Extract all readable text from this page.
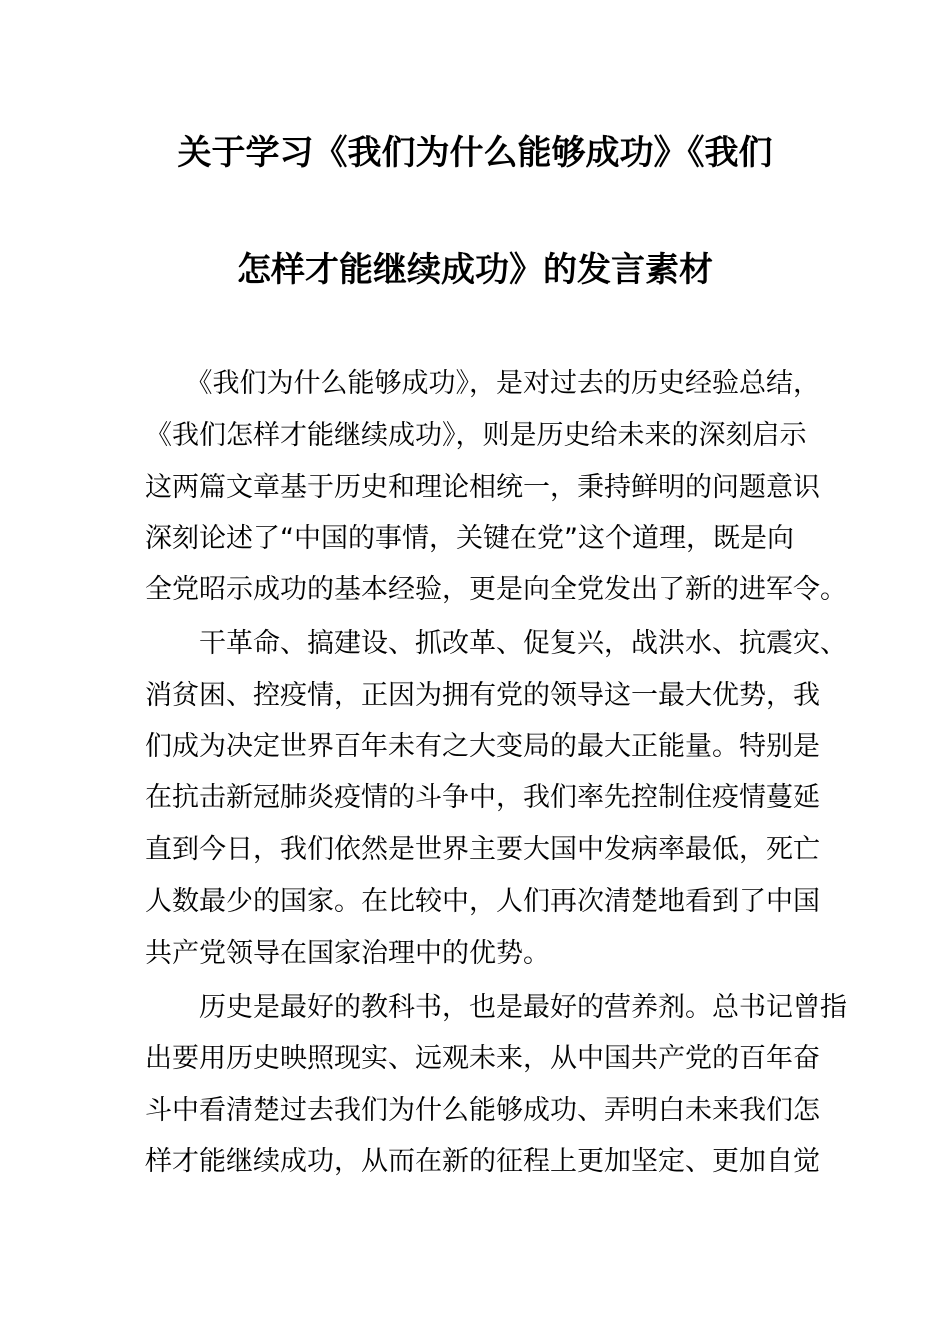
关于学习《我们为什么能够成功》《我们
怎样才能继续成功》的发言素材
　　《我们为什么能够成功》，是对过去的历史经验总结，
《我们怎样才能继续成功》，则是历史给未来的深刻启示
这两篇文章基于历史和理论相统一，秉持鲜明的问题意识
深刻论述了“中国的事情，关键在党”这个道理，既是向
全党昭示成功的基本经验，更是向全党发出了新的进军令。
　　干革命、搞建设、抓改革、促复兴，战洪水、抗震灾、
消贫困、控疫情，正因为拥有党的领导这一最大优势，我
们成为决定世界百年未有之大变局的最大正能量。特别是
在抗击新冠肺炎疫情的斗争中，我们率先控制住疫情蔓延
直到今日，我们依然是世界主要大国中发病率最低，死亡
人数最少的国家。在比较中，人们再次清楚地看到了中国
共产党领导在国家治理中的优势。
　　历史是最好的教科书，也是最好的营养剂。总书记曾指
出要用历史映照现实、远观未来，从中国共产党的百年奋
斗中看清楚过去我们为什么能够成功、弄明白未来我们怎
样才能继续成功，从而在新的征程上更加坚定、更加自觉
